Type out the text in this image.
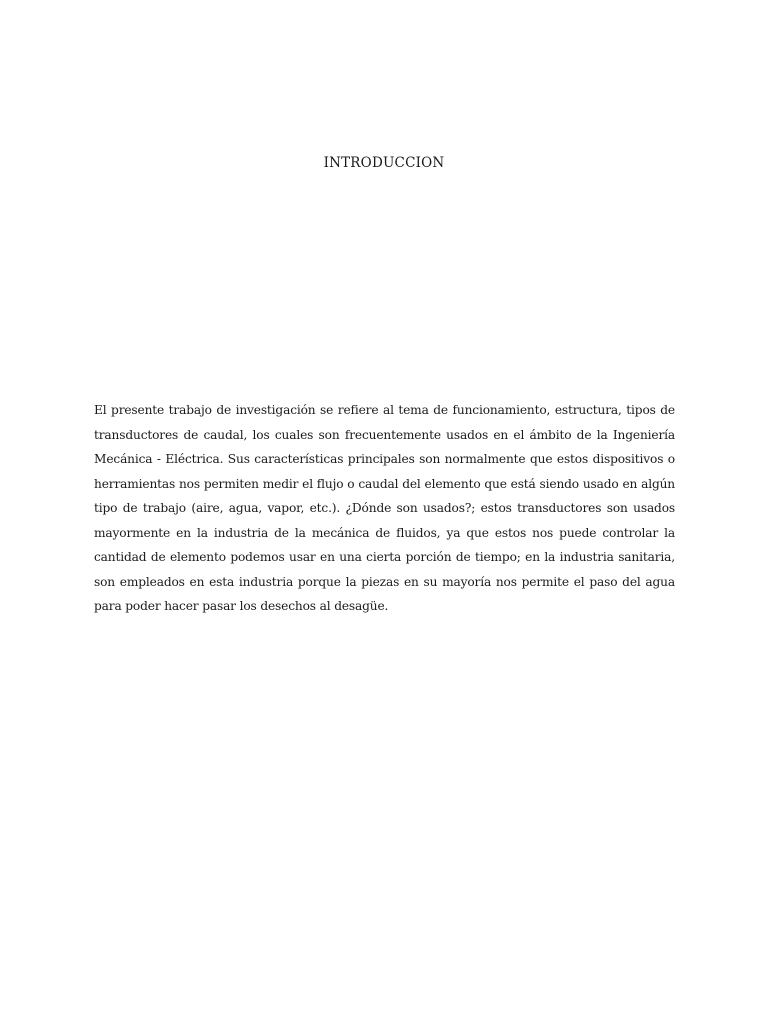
INTRODUCCION

El presente trabajo de investigación se refiere al tema de funcionamiento, estructura, tipos de transductores de caudal, los cuales son frecuentemente usados en el ámbito de la Ingeniería Mecánica - Eléctrica. Sus características principales son normalmente que estos dispositivos o herramientas nos permiten medir el flujo o caudal del elemento que está siendo usado en algún tipo de trabajo (aire, agua, vapor, etc.). ¿Dónde son usados?; estos transductores son usados mayormente en la industria de la mecánica de fluidos, ya que estos nos puede controlar la cantidad de elemento podemos usar en una cierta porción de tiempo; en la industria sanitaria, son empleados en esta industria porque la piezas en su mayoría nos permite el paso del agua para poder hacer pasar los desechos al desagüe.
